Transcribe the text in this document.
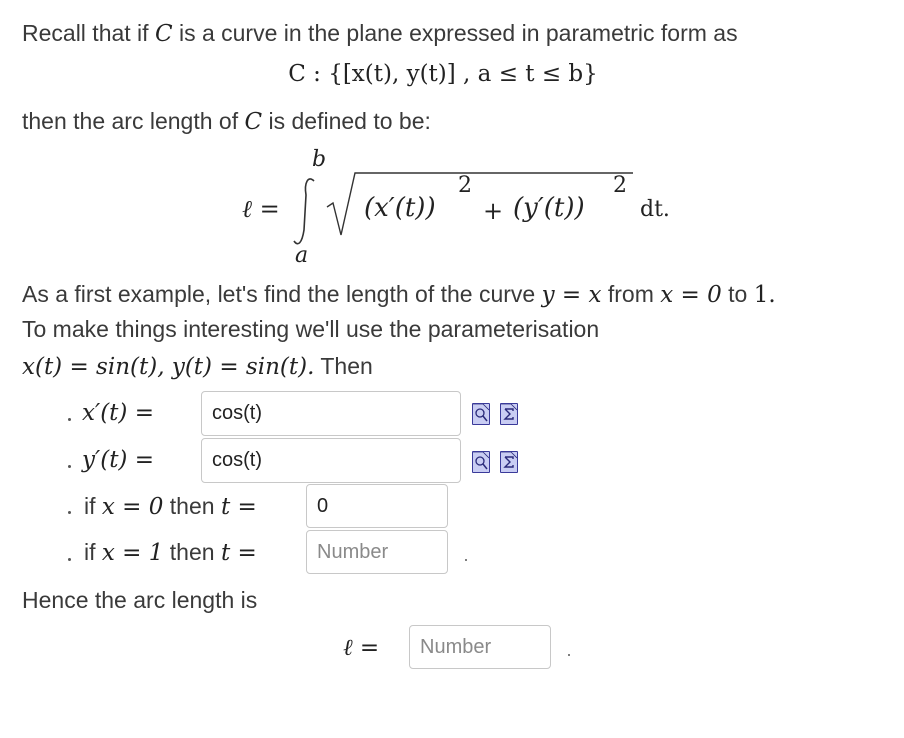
Recall that if C is a curve in the plane expressed in parametric form as
C : {[x(t), y(t)] , a ≤ t ≤ b}
then the arc length of C is defined to be:
ℓ =
b
a
(x′(t))
2
+ (y′(t))
2
dt.
As a first example, let's find the length of the curve y = x from x = 0 to 1.
To make things interesting we'll use the parameterisation
x(t) = sin(t), y(t) = sin(t). Then
x′(t) =	cos(t)
y′(t) =	cos(t)
if x = 0 then t =	0
if x = 1 then t =	Number
Hence the arc length is
ℓ = Number
